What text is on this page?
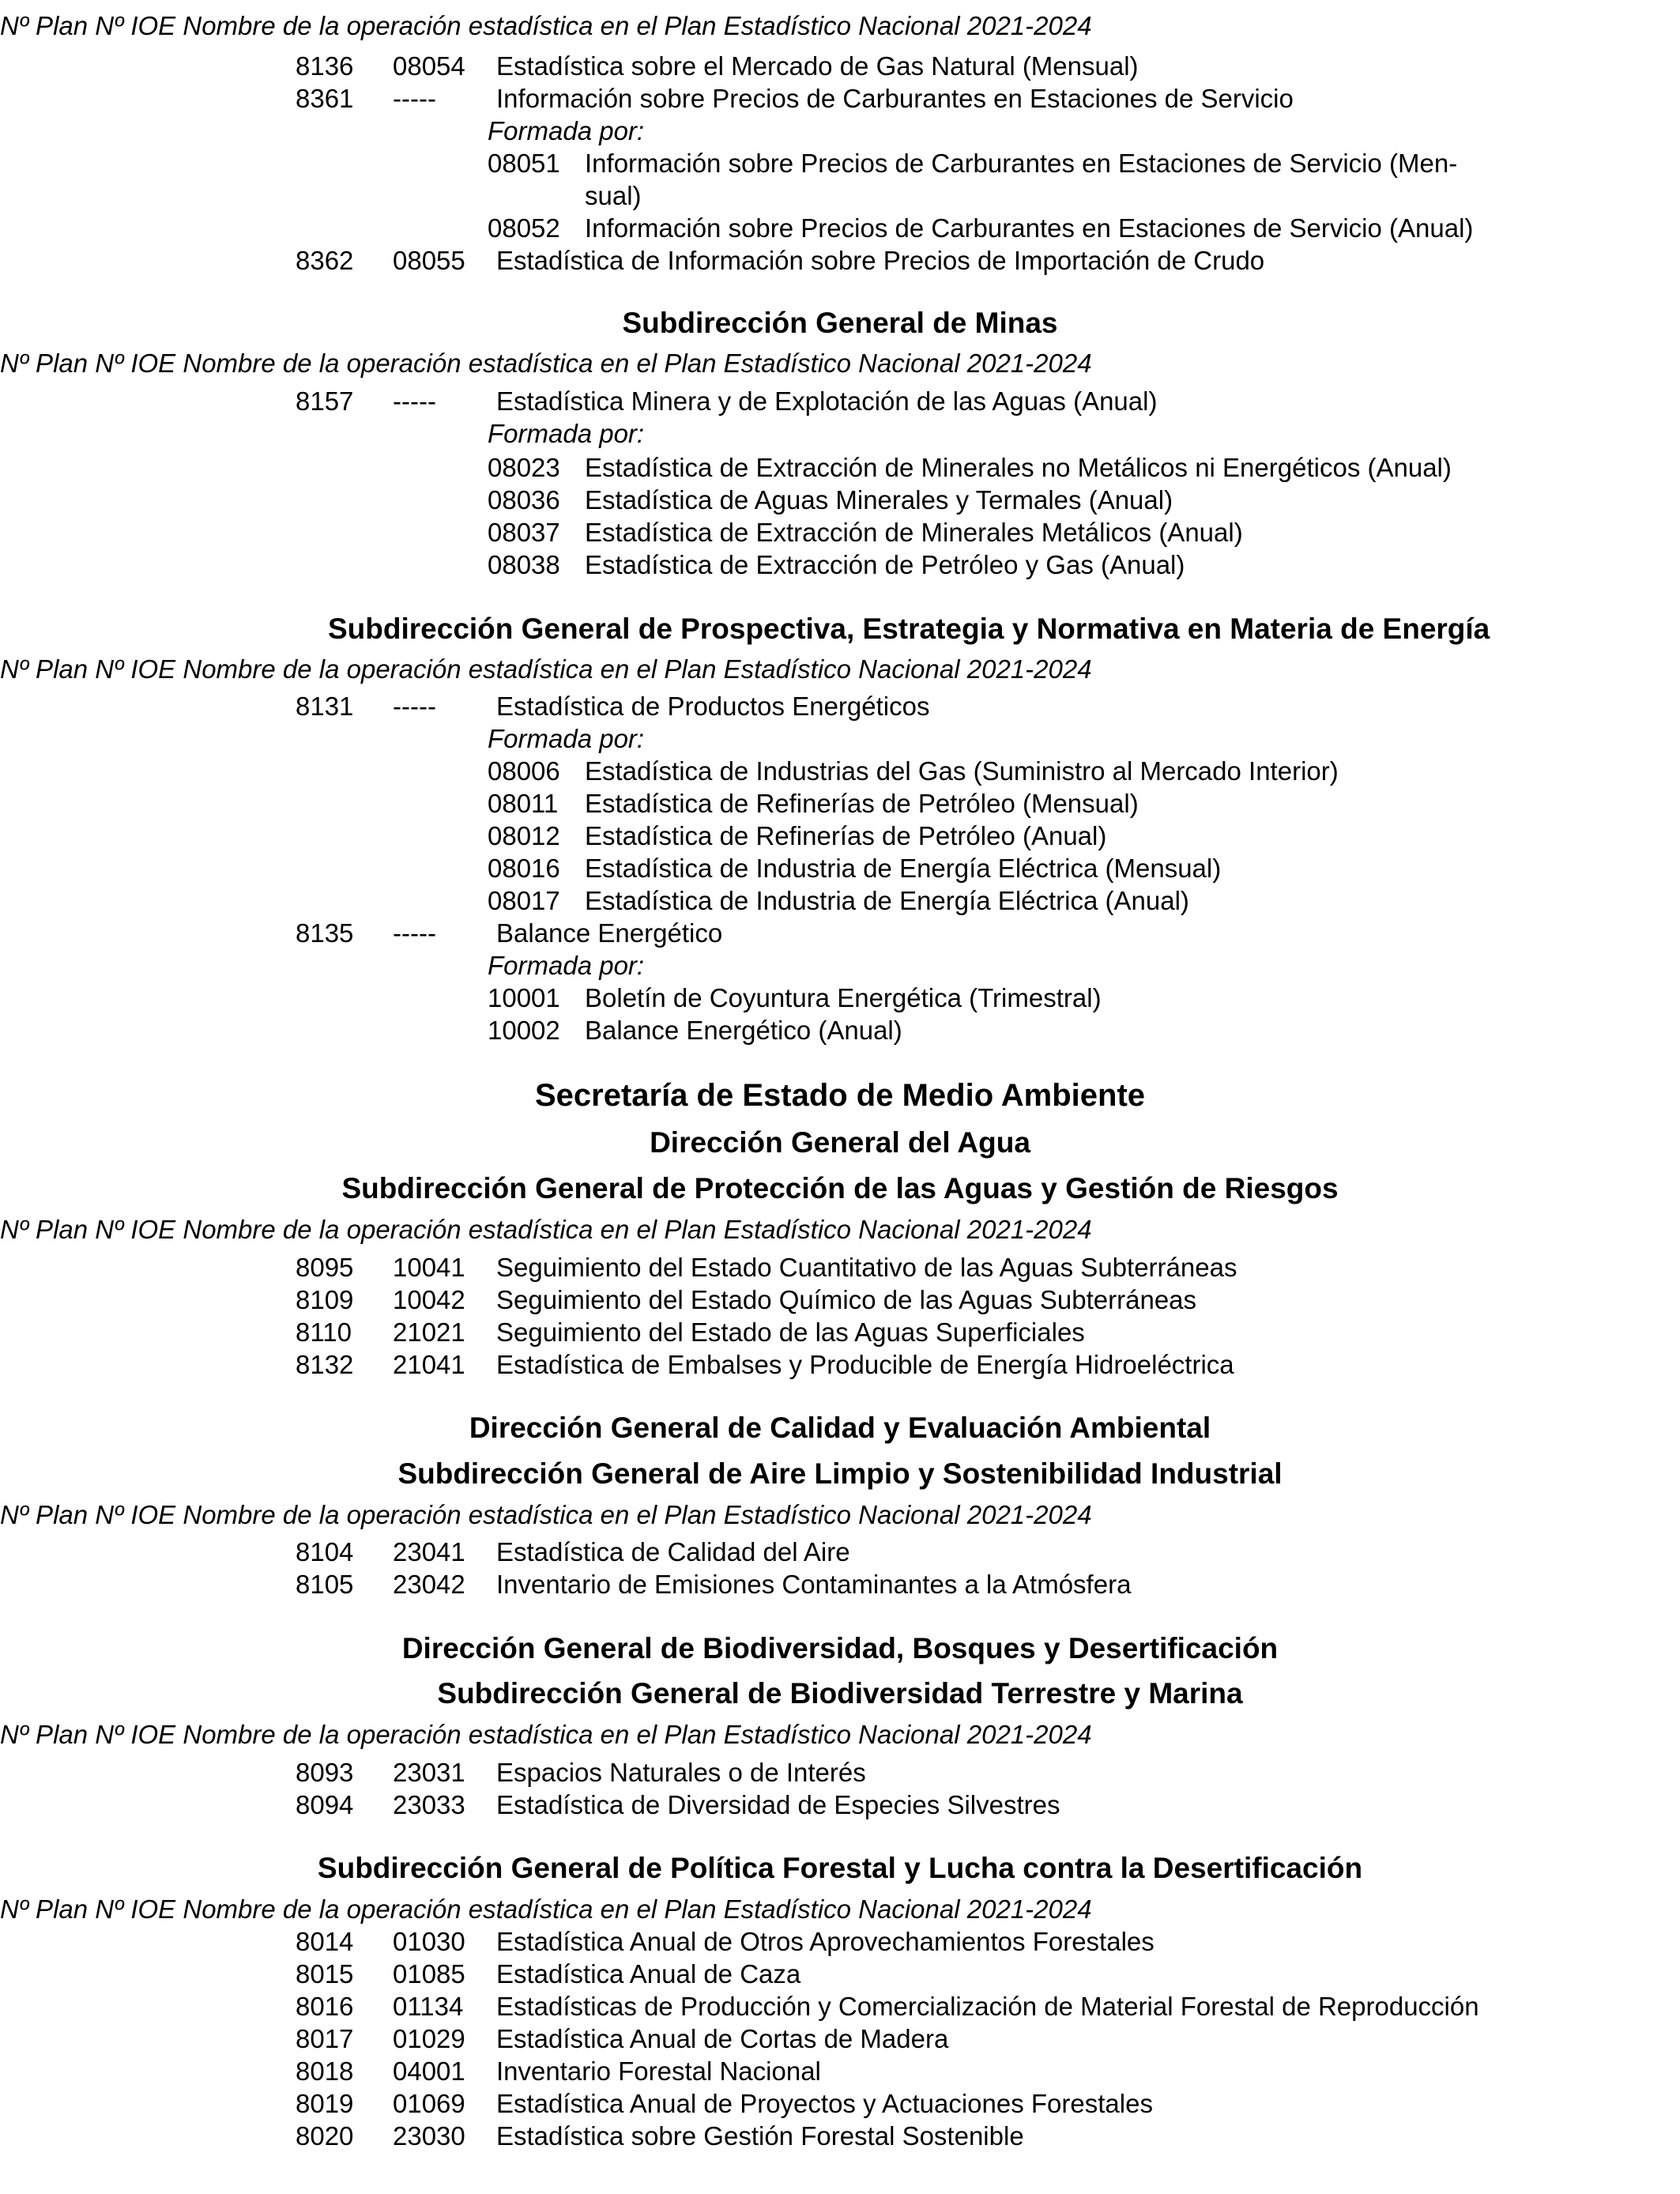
Nº Plan Nº IOE Nombre de la operación estadística en el Plan Estadístico Nacional 2021-2024
8136 08054 Estadística sobre el Mercado de Gas Natural (Mensual)
8361 ----- Información sobre Precios de Carburantes en Estaciones de Servicio
Formada por:
08051 Información sobre Precios de Carburantes en Estaciones de Servicio (Men-
sual)
08052 Información sobre Precios de Carburantes en Estaciones de Servicio (Anual)
8362 08055 Estadística de Información sobre Precios de Importación de Crudo
Subdirección General de Minas
Nº Plan Nº IOE Nombre de la operación estadística en el Plan Estadístico Nacional 2021-2024
8157 ----- Estadística Minera y de Explotación de las Aguas (Anual)
Formada por:
08023 Estadística de Extracción de Minerales no Metálicos ni Energéticos (Anual)
08036 Estadística de Aguas Minerales y Termales (Anual)
08037 Estadística de Extracción de Minerales Metálicos (Anual)
08038 Estadística de Extracción de Petróleo y Gas (Anual)
Subdirección General de Prospectiva, Estrategia y Normativa en Materia de Energía
Nº Plan Nº IOE Nombre de la operación estadística en el Plan Estadístico Nacional 2021-2024
8131 ----- Estadística de Productos Energéticos
Formada por:
08006 Estadística de Industrias del Gas (Suministro al Mercado Interior)
08011 Estadística de Refinerías de Petróleo (Mensual)
08012 Estadística de Refinerías de Petróleo (Anual)
08016 Estadística de Industria de Energía Eléctrica (Mensual)
08017 Estadística de Industria de Energía Eléctrica (Anual)
8135 ----- Balance Energético
Formada por:
10001 Boletín de Coyuntura Energética (Trimestral)
10002 Balance Energético (Anual)
Secretaría de Estado de Medio Ambiente
Dirección General del Agua
Subdirección General de Protección de las Aguas y Gestión de Riesgos
Nº Plan Nº IOE Nombre de la operación estadística en el Plan Estadístico Nacional 2021-2024
8095 10041 Seguimiento del Estado Cuantitativo de las Aguas Subterráneas
8109 10042 Seguimiento del Estado Químico de las Aguas Subterráneas
8110 21021 Seguimiento del Estado de las Aguas Superficiales
8132 21041 Estadística de Embalses y Producible de Energía Hidroeléctrica
Dirección General de Calidad y Evaluación Ambiental
Subdirección General de Aire Limpio y Sostenibilidad Industrial
Nº Plan Nº IOE Nombre de la operación estadística en el Plan Estadístico Nacional 2021-2024
8104 23041 Estadística de Calidad del Aire
8105 23042 Inventario de Emisiones Contaminantes a la Atmósfera
Dirección General de Biodiversidad, Bosques y Desertificación
Subdirección General de Biodiversidad Terrestre y Marina
Nº Plan Nº IOE Nombre de la operación estadística en el Plan Estadístico Nacional 2021-2024
8093 23031 Espacios Naturales o de Interés
8094 23033 Estadística de Diversidad de Especies Silvestres
Subdirección General de Política Forestal y Lucha contra la Desertificación
Nº Plan Nº IOE Nombre de la operación estadística en el Plan Estadístico Nacional 2021-2024
8014 01030 Estadística Anual de Otros Aprovechamientos Forestales
8015 01085 Estadística Anual de Caza
8016 01134 Estadísticas de Producción y Comercialización de Material Forestal de Reproducción
8017 01029 Estadística Anual de Cortas de Madera
8018 04001 Inventario Forestal Nacional
8019 01069 Estadística Anual de Proyectos y Actuaciones Forestales
8020 23030 Estadística sobre Gestión Forestal Sostenible
